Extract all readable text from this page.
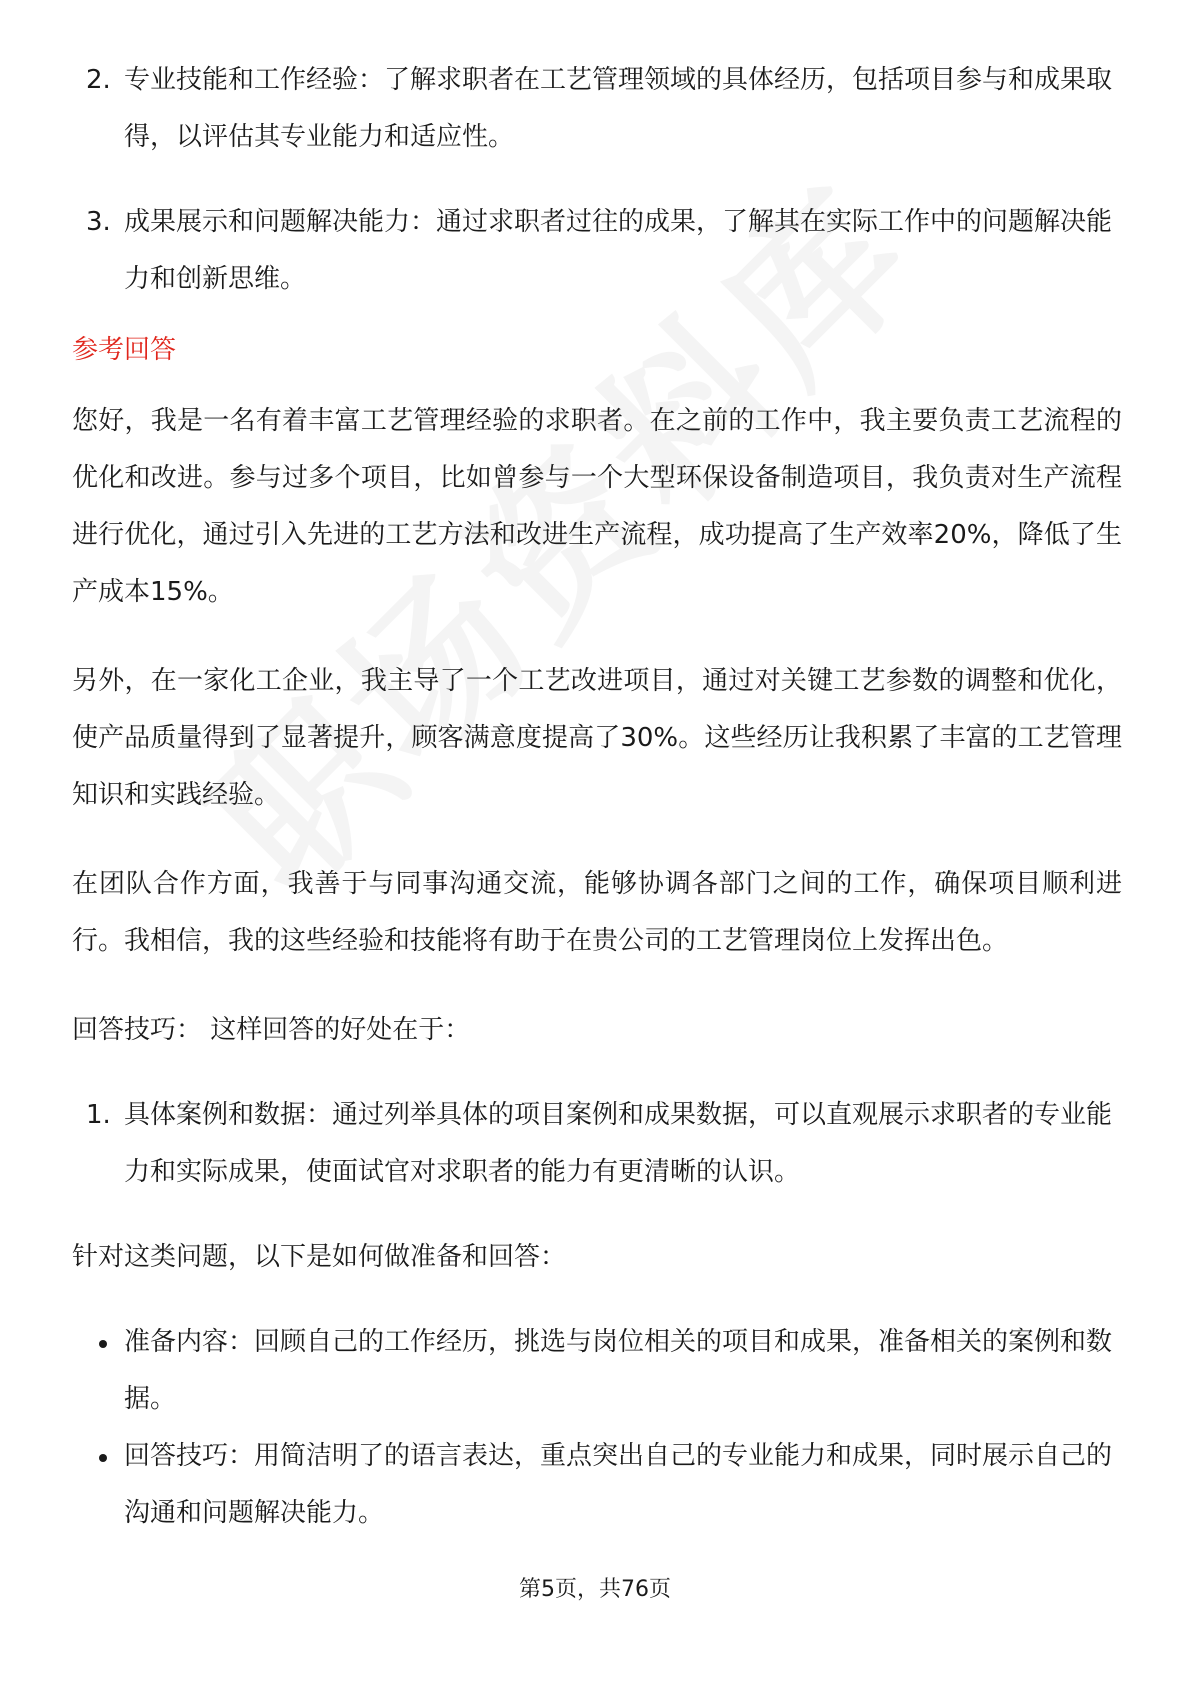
2. 专业技能和工作经验：了解求职者在工艺管理领域的具体经历，包括项目参与和成果取得，以评估其专业能力和适应性。
3. 成果展示和问题解决能力：通过求职者过往的成果，了解其在实际工作中的问题解决能力和创新思维。

参考回答

您好，我是一名有着丰富工艺管理经验的求职者。在之前的工作中，我主要负责工艺流程的优化和改进。参与过多个项目，比如曾参与一个大型环保设备制造项目，我负责对生产流程进行优化，通过引入先进的工艺方法和改进生产流程，成功提高了生产效率20%，降低了生产成本15%。

另外，在一家化工企业，我主导了一个工艺改进项目，通过对关键工艺参数的调整和优化，使产品质量得到了显著提升，顾客满意度提高了30%。这些经历让我积累了丰富的工艺管理知识和实践经验。

在团队合作方面，我善于与同事沟通交流，能够协调各部门之间的工作，确保项目顺利进行。我相信，我的这些经验和技能将有助于在贵公司的工艺管理岗位上发挥出色。

回答技巧： 这样回答的好处在于：

1. 具体案例和数据：通过列举具体的项目案例和成果数据，可以直观展示求职者的专业能力和实际成果，使面试官对求职者的能力有更清晰的认识。

针对这类问题，以下是如何做准备和回答：

准备内容：回顾自己的工作经历，挑选与岗位相关的项目和成果，准备相关的案例和数据。
回答技巧：用简洁明了的语言表达，重点突出自己的专业能力和成果，同时展示自己的沟通和问题解决能力。
第5页，共76页
